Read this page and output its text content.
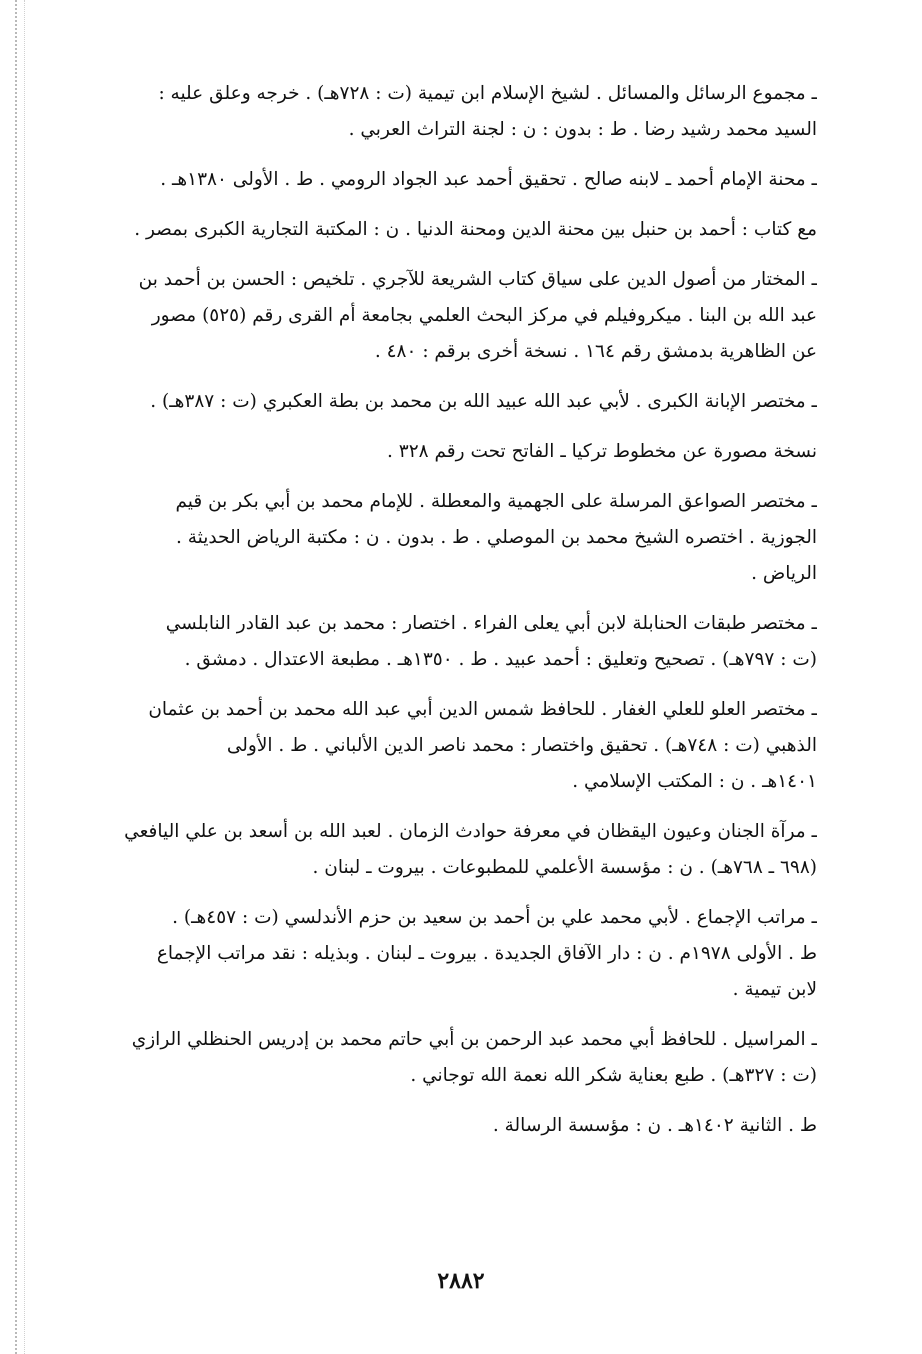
ـ مجموع الرسائل والمسائل . لشيخ الإسلام ابن تيمية (ت : ٧٢٨هـ) . خرجه وعلق عليه :
السيد محمد رشيد رضا . ط : بدون : ن : لجنة التراث العربي .
ـ محنة الإمام أحمد ـ لابنه صالح . تحقيق أحمد عبد الجواد الرومي . ط . الأولى ١٣٨٠هـ .
مع كتاب : أحمد بن حنبل بين محنة الدين ومحنة الدنيا . ن : المكتبة التجارية الكبرى بمصر .
ـ المختار من أصول الدين على سياق كتاب الشريعة للآجري . تلخيص : الحسن بن أحمد بن
عبد الله بن البنا . ميكروفيلم في مركز البحث العلمي بجامعة أم القرى رقم (٥٢٥) مصور
عن الظاهرية بدمشق رقم ١٦٤ . نسخة أخرى برقم : ٤٨٠ .
ـ مختصر الإبانة الكبرى . لأبي عبد الله عبيد الله بن محمد بن بطة العكبري (ت : ٣٨٧هـ) .
نسخة مصورة عن مخطوط تركيا ـ الفاتح تحت رقم ٣٢٨ .
ـ مختصر الصواعق المرسلة على الجهمية والمعطلة . للإمام محمد بن أبي بكر بن قيم
الجوزية . اختصره الشيخ محمد بن الموصلي . ط . بدون . ن : مكتبة الرياض الحديثة .
الرياض .
ـ مختصر طبقات الحنابلة لابن أبي يعلى الفراء . اختصار : محمد بن عبد القادر النابلسي
(ت : ٧٩٧هـ) . تصحيح وتعليق : أحمد عبيد . ط . ١٣٥٠هـ . مطبعة الاعتدال . دمشق .
ـ مختصر العلو للعلي الغفار . للحافظ شمس الدين أبي عبد الله محمد بن أحمد بن عثمان
الذهبي (ت : ٧٤٨هـ) . تحقيق واختصار : محمد ناصر الدين الألباني . ط . الأولى
١٤٠١هـ . ن : المكتب الإسلامي .
ـ مرآة الجنان وعيون اليقظان في معرفة حوادث الزمان . لعبد الله بن أسعد بن علي اليافعي
(٦٩٨ ـ ٧٦٨هـ) . ن : مؤسسة الأعلمي للمطبوعات . بيروت ـ لبنان .
ـ مراتب الإجماع . لأبي محمد علي بن أحمد بن سعيد بن حزم الأندلسي (ت : ٤٥٧هـ) .
ط . الأولى ١٩٧٨م . ن : دار الآفاق الجديدة . بيروت ـ لبنان . وبذيله : نقد مراتب الإجماع
لابن تيمية .
ـ المراسيل . للحافظ أبي محمد عبد الرحمن بن أبي حاتم محمد بن إدريس الحنظلي الرازي
(ت : ٣٢٧هـ) . طبع بعناية شكر الله نعمة الله توجاني .
ط . الثانية ١٤٠٢هـ . ن : مؤسسة الرسالة .
٢٨٨٢
